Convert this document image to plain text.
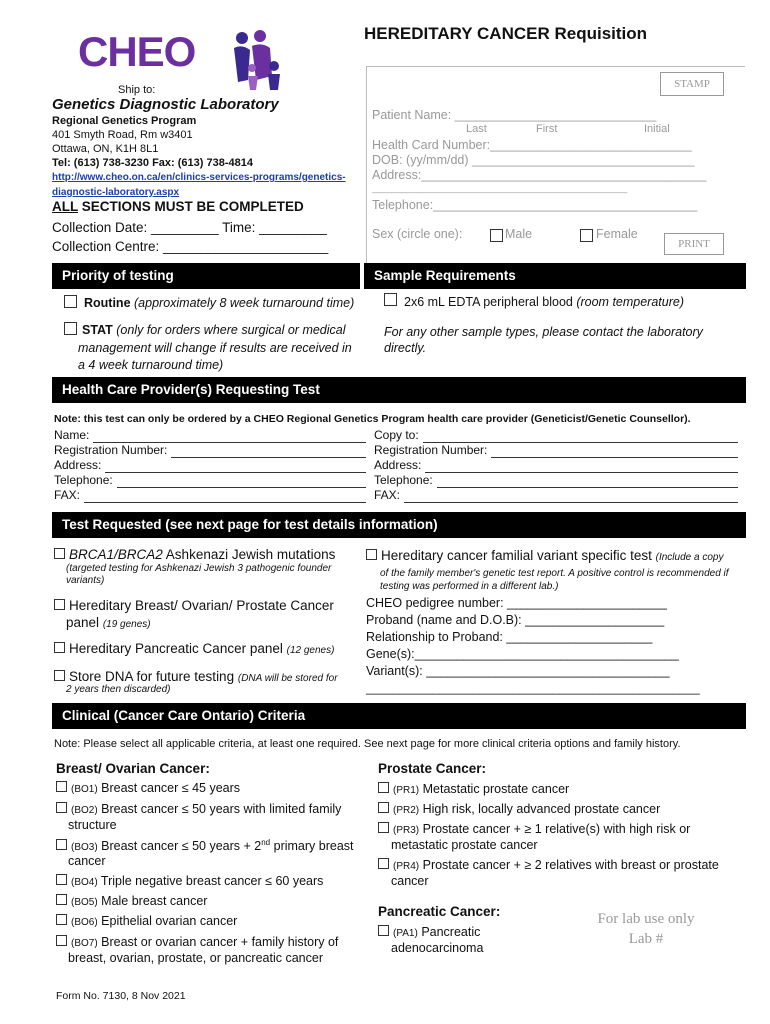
CHEO	HEREDITARY CANCER Requisition
Ship to:
Genetics Diagnostic Laboratory
Regional Genetics Program
401 Smyth Road, Rm w3401
Ottawa, ON, K1H 8L1
Tel: (613) 738-3230 Fax: (613) 738-4814
http://www.cheo.on.ca/en/clinics-services-programs/genetics-
diagnostic-laboratory.aspx
ALL SECTIONS MUST BE COMPLETED
Collection Date: _________ Time: _________
Collection Centre: ______________________
STAMP
Patient Name: _____________________________
Last	First	Initial
Health Card Number:_____________________________
DOB: (yy/mm/dd) ________________________________
Address:_________________________________________
___________________________________________________
Telephone:______________________________________
Sex (circle one):	Male	Female
PRINT
Priority of testing	Sample Requirements
Routine (approximately 8 week turnaround time)
STAT (only for orders where surgical or medical
management will change if results are received in
a 4 week turnaround time)
2x6 mL EDTA peripheral blood (room temperature)
For any other sample types, please contact the laboratory
directly.
Health Care Provider(s) Requesting Test
Note: this test can only be ordered by a CHEO Regional Genetics Program health care provider (Geneticist/Genetic Counsellor).
Name:
Registration Number:
Address:
Telephone:
FAX:
Copy to:
Registration Number:
Address:
Telephone:
FAX:
Test Requested (see next page for test details information)
BRCA1/BRCA2 Ashkenazi Jewish mutations
(targeted testing for Ashkenazi Jewish 3 pathogenic founder
variants)
Hereditary Breast/ Ovarian/ Prostate Cancer
panel (19 genes)
Hereditary Pancreatic Cancer panel (12 genes)
Store DNA for future testing (DNA will be stored for
2 years then discarded)
Hereditary cancer familial variant specific test (Include a copy
of the family member's genetic test report. A positive control is recommended if
testing was performed in a different lab.)
CHEO pedigree number: _______________________
Proband (name and D.O.B): ____________________
Relationship to Proband: _____________________
Gene(s):______________________________________
Variant(s): ___________________________________
__________________________________________________
Clinical (Cancer Care Ontario) Criteria
Note: Please select all applicable criteria, at least one required. See next page for more clinical criteria options and family history.
Breast/ Ovarian Cancer:
(BO1) Breast cancer ≤ 45 years
(BO2) Breast cancer ≤ 50 years with limited family
structure
(BO3) Breast cancer ≤ 50 years + 2nd primary breast
cancer
(BO4) Triple negative breast cancer ≤ 60 years
(BO5) Male breast cancer
(BO6) Epithelial ovarian cancer
(BO7) Breast or ovarian cancer + family history of
breast, ovarian, prostate, or pancreatic cancer
Prostate Cancer:
(PR1) Metastatic prostate cancer
(PR2) High risk, locally advanced prostate cancer
(PR3) Prostate cancer + ≥ 1 relative(s) with high risk or
metastatic prostate cancer
(PR4) Prostate cancer + ≥ 2 relatives with breast or prostate
cancer
Pancreatic Cancer:
(PA1) Pancreatic
adenocarcinoma
For lab use only
Lab #
Form No. 7130, 8 Nov 2021
